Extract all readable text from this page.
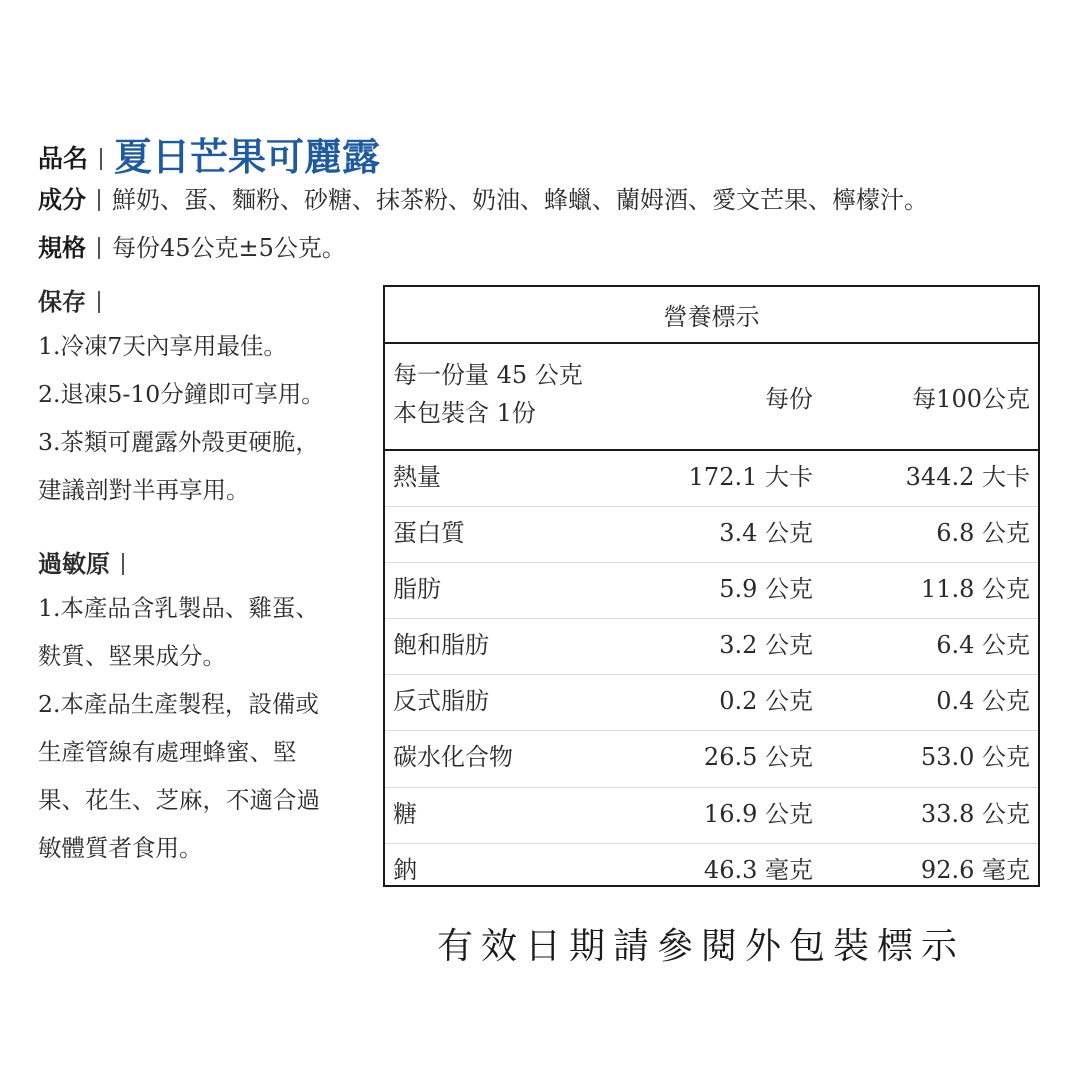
品名 夏日芒果可麗露
成分 鮮奶、蛋、麵粉、砂糖、抹茶粉、奶油、蜂蠟、蘭姆酒、愛文芒果、檸檬汁。
規格 每份45公克±5公克。
保存
1.冷凍7天內享用最佳。
2.退凍5-10分鐘即可享用。
3.茶類可麗露外殼更硬脆，
建議剖對半再享用。
過敏原
1.本產品含乳製品、雞蛋、
麩質、堅果成分。
2.本產品生產製程，設備或
生產管線有處理蜂蜜、堅
果、花生、芝麻，不適合過
敏體質者食用。
營養標示
每一份量 45 公克
本包裝含 1份	每份	每100公克
熱量	172.1 大卡	344.2 大卡
蛋白質	3.4 公克	6.8 公克
脂肪	5.9 公克	11.8 公克
飽和脂肪	3.2 公克	6.4 公克
反式脂肪	0.2 公克	0.4 公克
碳水化合物	26.5 公克	53.0 公克
糖	16.9 公克	33.8 公克
鈉	46.3 毫克	92.6 毫克
有效日期請參閱外包裝標示
